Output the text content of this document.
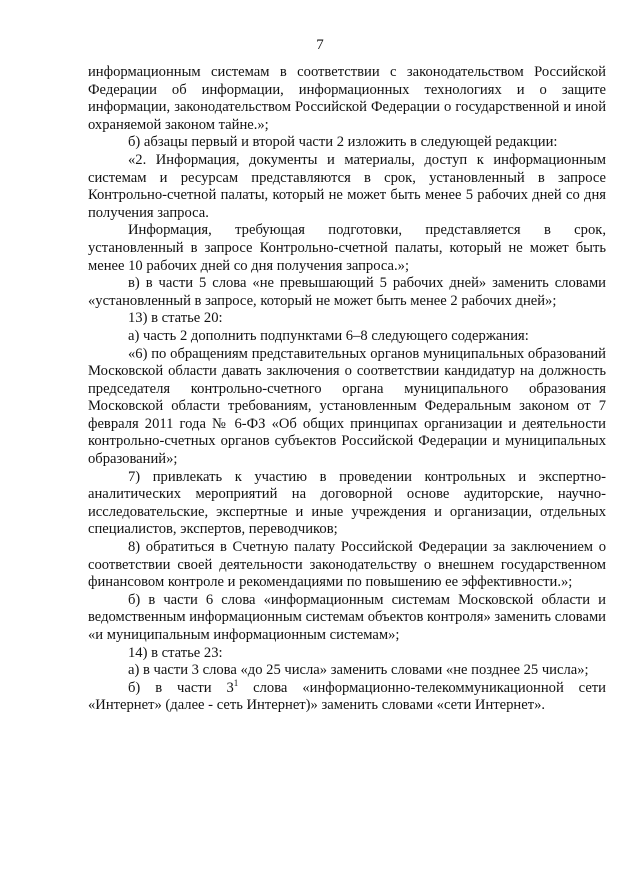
7

информационным системам в соответствии с законодательством Российской Федерации об информации, информационных технологиях и о защите информации, законодательством Российской Федерации о государственной и иной охраняемой законом тайне.»;

б) абзацы первый и второй части 2 изложить в следующей редакции:

«2. Информация, документы и материалы, доступ к информационным системам и ресурсам представляются в срок, установленный в запросе Контрольно-счетной палаты, который не может быть менее 5 рабочих дней со дня получения запроса.

Информация, требующая подготовки, представляется в срок, установленный в запросе Контрольно-счетной палаты, который не может быть менее 10 рабочих дней со дня получения запроса.»;

в) в части 5 слова «не превышающий 5 рабочих дней» заменить словами «установленный в запросе, который не может быть менее 2 рабочих дней»;

13) в статье 20:

а) часть 2 дополнить подпунктами 6–8 следующего содержания:

«6) по обращениям представительных органов муниципальных образований Московской области давать заключения о соответствии кандидатур на должность председателя контрольно-счетного органа муниципального образования Московской области требованиям, установленным Федеральным законом от 7 февраля 2011 года № 6-ФЗ «Об общих принципах организации и деятельности контрольно-счетных органов субъектов Российской Федерации и муниципальных образований»;

7) привлекать к участию в проведении контрольных и экспертно-аналитических мероприятий на договорной основе аудиторские, научно-исследовательские, экспертные и иные учреждения и организации, отдельных специалистов, экспертов, переводчиков;

8) обратиться в Счетную палату Российской Федерации за заключением о соответствии своей деятельности законодательству о внешнем государственном финансовом контроле и рекомендациями по повышению ее эффективности.»;

б) в части 6 слова «информационным системам Московской области и ведомственным информационным системам объектов контроля» заменить словами «и муниципальным информационным системам»;

14) в статье 23:

а) в части 3 слова «до 25 числа» заменить словами «не позднее 25 числа»;

б) в части $3^1$ слова «информационно-телекоммуникационной сети «Интернет» (далее - сеть Интернет)» заменить словами «сети Интернет».
